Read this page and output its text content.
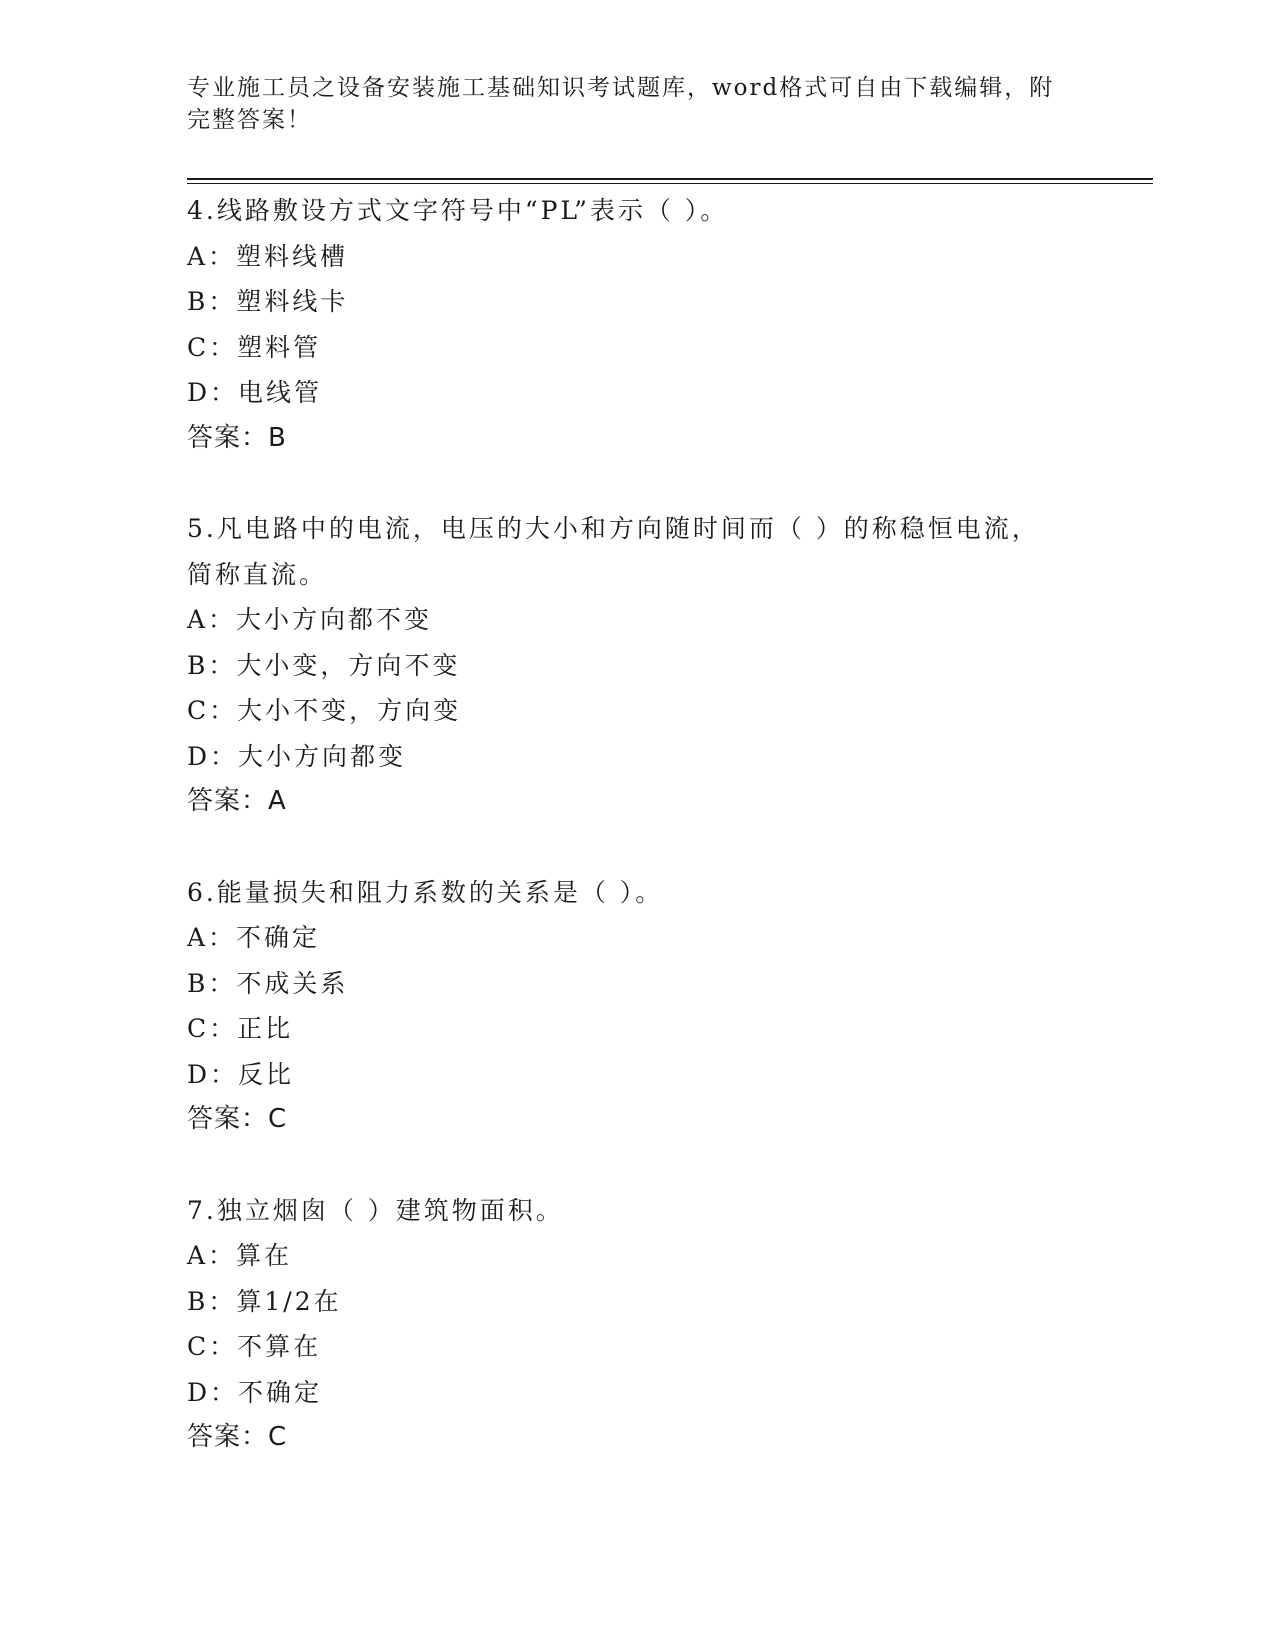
专业施工员之设备安装施工基础知识考试题库，word格式可自由下载编辑，附完整答案！
4.线路敷设方式文字符号中“PL”表示（ ）。
A：塑料线槽
B：塑料线卡
C：塑料管
D：电线管
答案：B
5.凡电路中的电流，电压的大小和方向随时间而（ ）的称稳恒电流，简称直流。
A：大小方向都不变
B：大小变，方向不变
C：大小不变，方向变
D：大小方向都变
答案：A
6.能量损失和阻力系数的关系是（ ）。
A：不确定
B：不成关系
C：正比
D：反比
答案：C
7.独立烟囱（ ）建筑物面积。
A：算在
B：算1/2在
C：不算在
D：不确定
答案：C
